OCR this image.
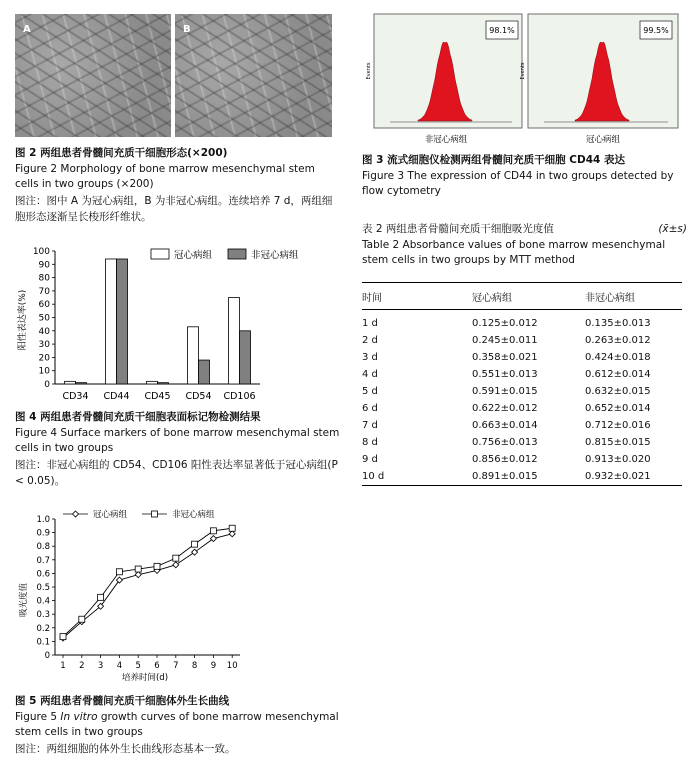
A	B
图 2 两组患者骨髓间充质干细胞形态(×200)
Figure 2 Morphology of bone marrow mesenchymal stem cells in two groups (×200)
图注：图中 A 为冠心病组，B 为非冠心病组。连续培养 7 d，两组细胞形态逐渐呈长梭形纤维状。
0
10
20
30
40
50
60
70
80
90
100
阳性表达率(%)
CD34 CD44 CD45 CD54 CD106
冠心病组	非冠心病组
图 4 两组患者骨髓间充质干细胞表面标记物检测结果
Figure 4 Surface markers of bone marrow mesenchymal stem cells in two groups
图注：非冠心病组的 CD54、CD106 阳性表达率显著低于冠心病组(P < 0.05)。
0
0.1
0.2
0.3
0.4
0.5
0.6
0.7
0.8
0.9
1.0
吸光度值
1 2 3 4 5 6 7 8 9 10
培养时间(d)
冠心病组	非冠心病组
图 5 两组患者骨髓间充质干细胞体外生长曲线
Figure 5 In vitro growth curves of bone marrow mesenchymal stem cells in two groups
图注：两组细胞的体外生长曲线形态基本一致。
Events
98.1%
非冠心病组
Events
99.5%
冠心病组
图 3 流式细胞仪检测两组骨髓间充质干细胞 CD44 表达
Figure 3 The expression of CD44 in two groups detected by flow cytometry
表 2 两组患者骨髓间充质干细胞吸光度值	(x̄±s)
Table 2 Absorbance values of bone marrow mesenchymal stem cells in two groups by MTT method
时间	冠心病组	非冠心病组

1 d	0.125±0.012	0.135±0.013
2 d	0.245±0.011	0.263±0.012
3 d	0.358±0.021	0.424±0.018
4 d	0.551±0.013	0.612±0.014
5 d	0.591±0.015	0.632±0.015
6 d	0.622±0.012	0.652±0.014
7 d	0.663±0.014	0.712±0.016
8 d	0.756±0.013	0.815±0.015
9 d	0.856±0.012	0.913±0.020
10 d	0.891±0.015	0.932±0.021
